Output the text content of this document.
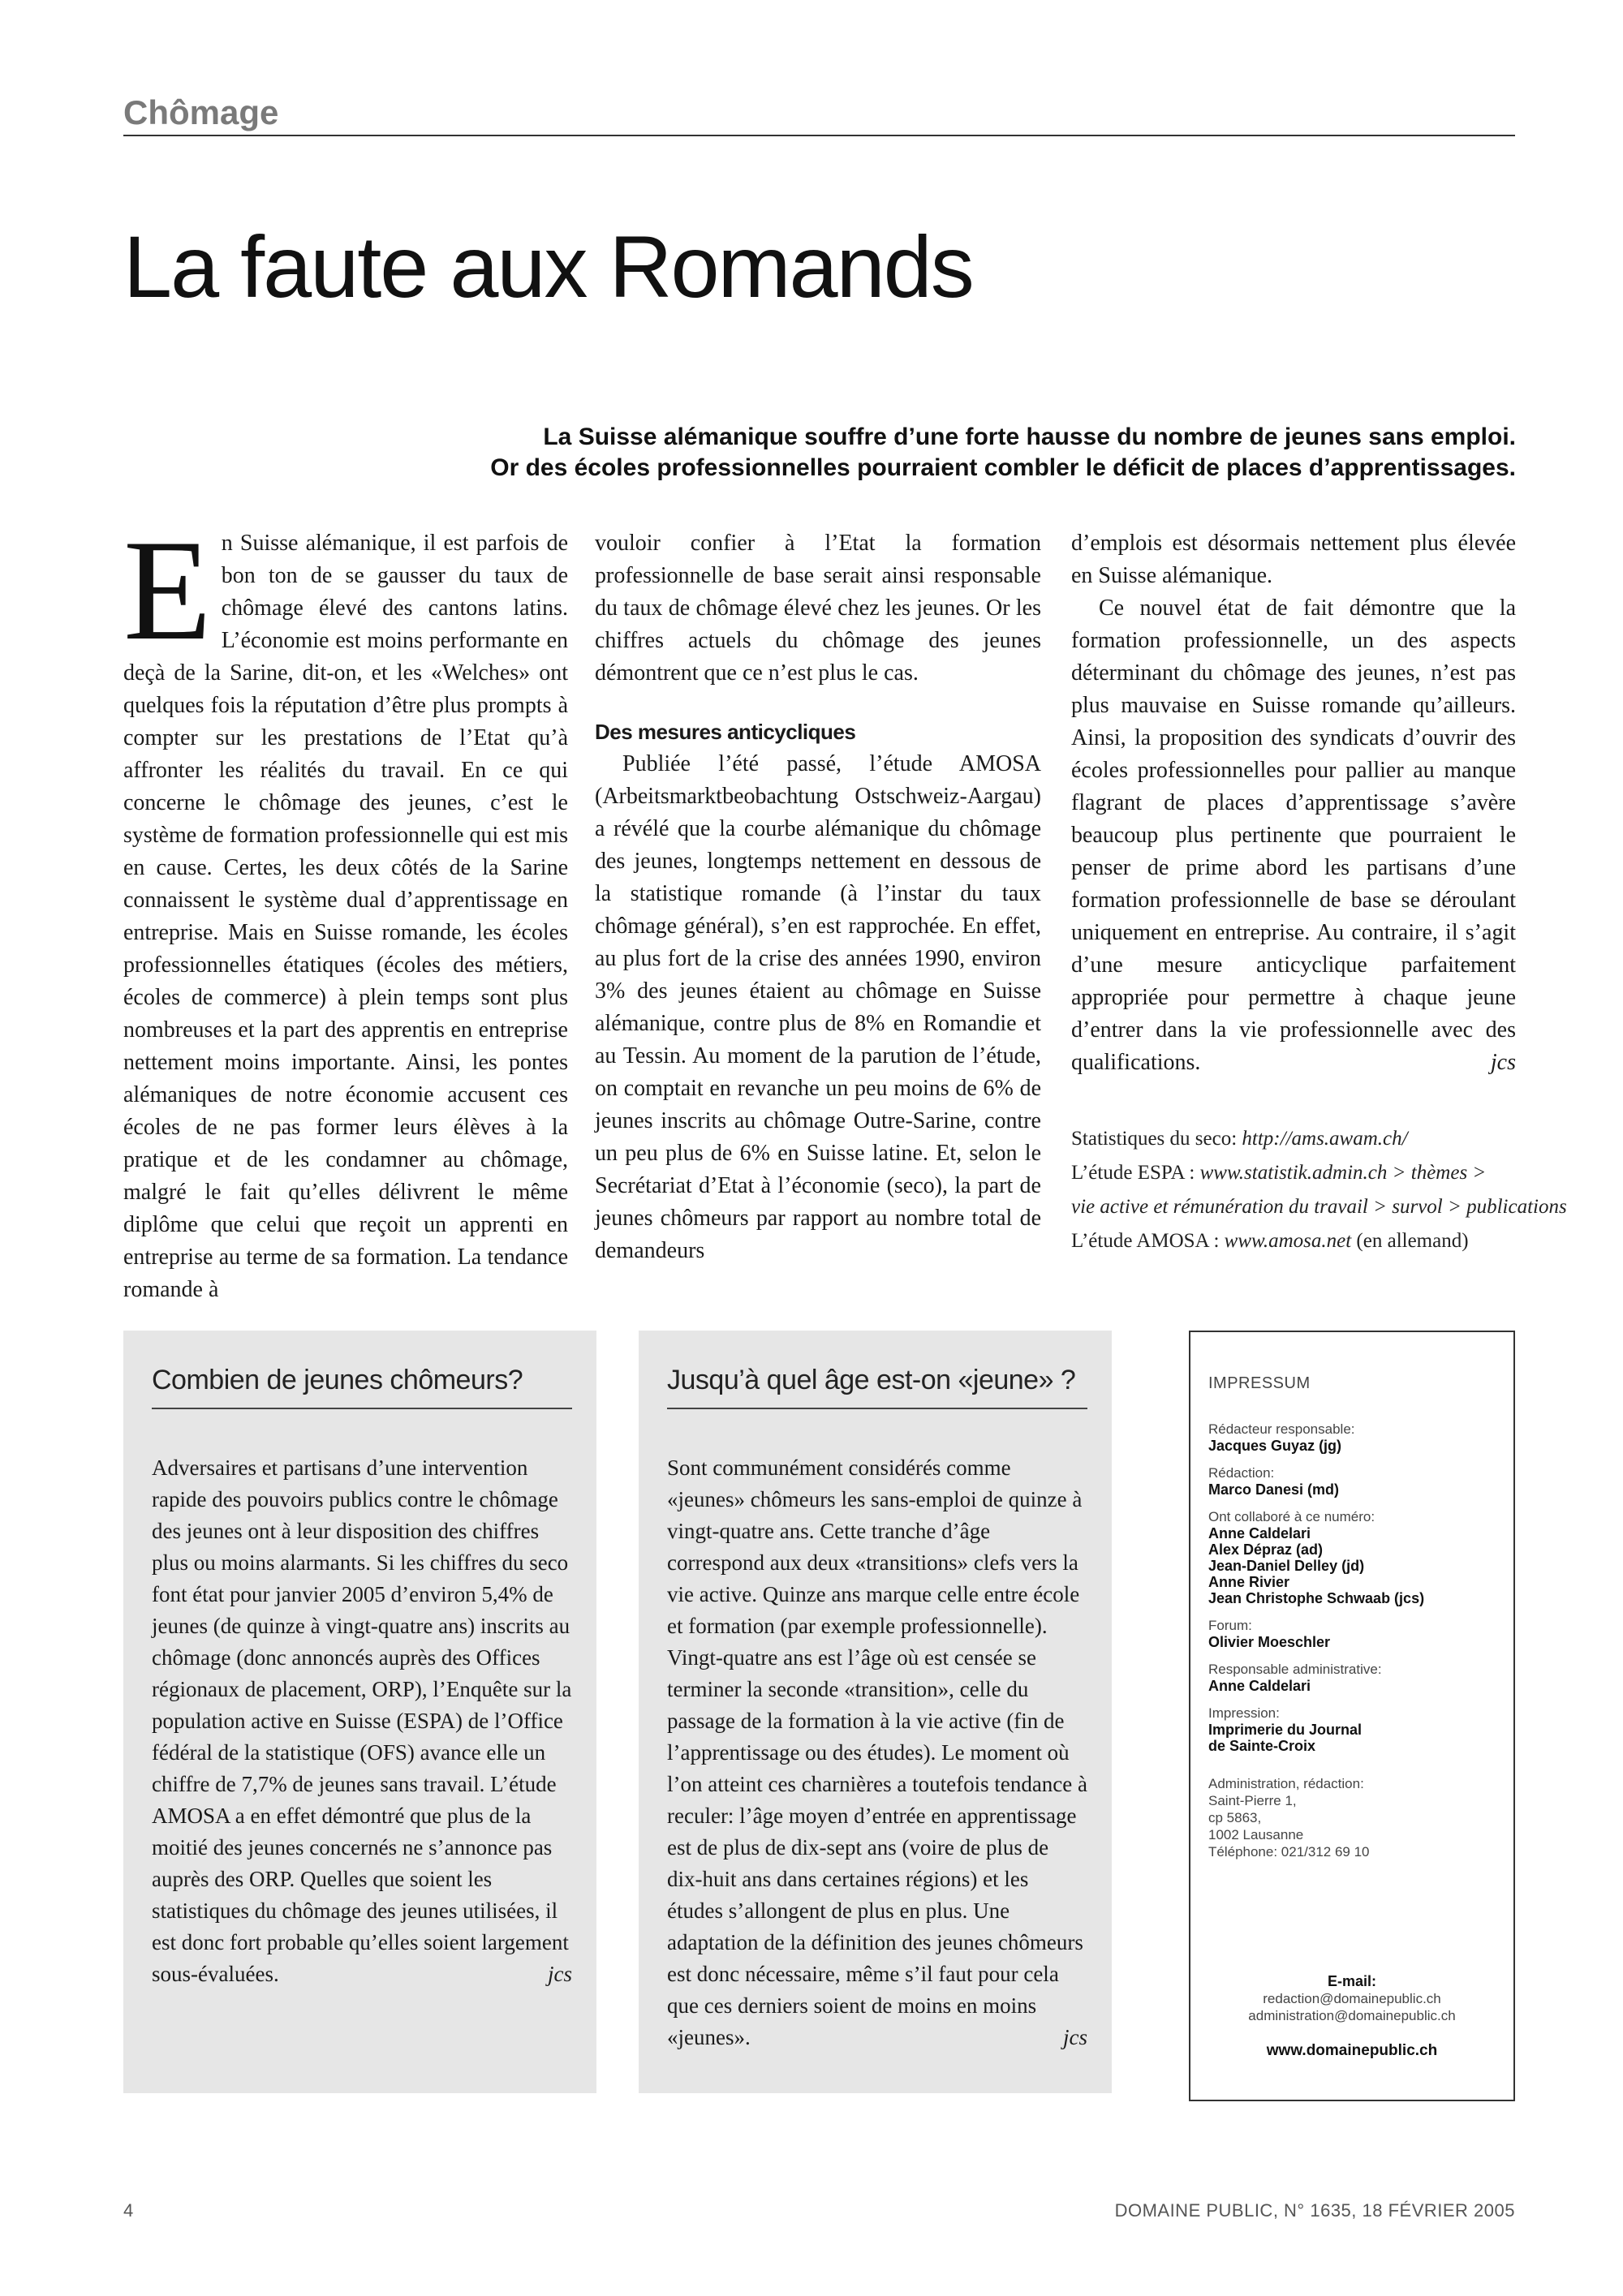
Chômage
La faute aux Romands

La Suisse alémanique souffre d’une forte hausse du nombre de jeunes sans emploi.

Or des écoles professionnelles pourraient combler le déficit de places d’apprentissages.

En Suisse alémanique, il est parfois de bon ton de se gausser du taux de chômage élevé des cantons latins. L’économie est moins performante en deçà de la Sarine, dit-on, et les «Welches» ont quelques fois la réputation d’être plus prompts à compter sur les prestations de l’Etat qu’à affronter les réalités du travail. En ce qui concerne le chômage des jeunes, c’est le système de formation professionnelle qui est mis en cause. Certes, les deux côtés de la Sarine connaissent le système dual d’apprentissage en entreprise. Mais en Suisse romande, les écoles professionnelles étatiques (écoles des métiers, écoles de commerce) à plein temps sont plus nombreuses et la part des apprentis en entreprise nettement moins importante. Ainsi, les pontes alémaniques de notre économie accusent ces écoles de ne pas former leurs élèves à la pratique et de les condamner au chômage, malgré le fait qu’elles délivrent le même diplôme que celui que reçoit un apprenti en entreprise au terme de sa formation. La tendance romande à

vouloir confier à l’Etat la formation professionnelle de base serait ainsi responsable du taux de chômage élevé chez les jeunes. Or les chiffres actuels du chômage des jeunes démontrent que ce n’est plus le cas.

Des mesures anticycliques

Publiée l’été passé, l’étude AMOSA (Arbeitsmarktbeobachtung Ostschweiz-Aargau) a révélé que la courbe alémanique du chômage des jeunes, longtemps nettement en dessous de la statistique romande (à l’instar du taux chômage général), s’en est rapprochée. En effet, au plus fort de la crise des années 1990, environ 3% des jeunes étaient au chômage en Suisse alémanique, contre plus de 8% en Romandie et au Tessin. Au moment de la parution de l’étude, on comptait en revanche un peu moins de 6% de jeunes inscrits au chômage Outre-Sarine, contre un peu plus de 6% en Suisse latine. Et, selon le Secrétariat d’Etat à l’économie (seco), la part de jeunes chômeurs par rapport au nombre total de demandeurs

d’emplois est désormais nettement plus élevée en Suisse alémanique.

Ce nouvel état de fait démontre que la formation professionnelle, un des aspects déterminant du chômage des jeunes, n’est pas plus mauvaise en Suisse romande qu’ailleurs. Ainsi, la proposition des syndicats d’ouvrir des écoles professionnelles pour pallier au manque flagrant de places d’apprentissage s’avère beaucoup plus pertinente que pourraient le penser de prime abord les partisans d’une formation professionnelle de base se déroulant uniquement en entreprise. Au contraire, il s’agit d’une mesure anticyclique parfaitement appropriée pour permettre à chaque jeune d’entrer dans la vie professionnelle avec des qualifications.	jcs

Statistiques du seco: http://ams.awam.ch/

L’étude ESPA : www.statistik.admin.ch > thèmes >

vie active et rémunération du travail > survol > publications

L’étude AMOSA : www.amosa.net (en allemand)

Combien de jeunes chômeurs?

Adversaires et partisans d’une intervention rapide des pouvoirs publics contre le chômage des jeunes ont à leur disposition des chiffres plus ou moins alarmants. Si les chiffres du seco font état pour janvier 2005 d’environ 5,4% de jeunes (de quinze à vingt-quatre ans) inscrits au chômage (donc annoncés auprès des Offices régionaux de placement, ORP), l’Enquête sur la population active en Suisse (ESPA) de l’Office fédéral de la statistique (OFS) avance elle un chiffre de 7,7% de jeunes sans travail. L’étude AMOSA a en effet démontré que plus de la moitié des jeunes concernés ne s’annonce pas auprès des ORP. Quelles que soient les statistiques du chômage des jeunes utilisées, il est donc fort probable qu’elles soient largement sous-évaluées.	jcs

Jusqu’à quel âge est-on «jeune» ?

Sont communément considérés comme «jeunes» chômeurs les sans-emploi de quinze à vingt-quatre ans. Cette tranche d’âge correspond aux deux «transitions» clefs vers la vie active. Quinze ans marque celle entre école et formation (par exemple professionnelle). Vingt-quatre ans est l’âge où est censée se terminer la seconde «transition», celle du passage de la formation à la vie active (fin de l’apprentissage ou des études). Le moment où l’on atteint ces charnières a toutefois tendance à reculer: l’âge moyen d’entrée en apprentissage est de plus de dix-sept ans (voire de plus de dix-huit ans dans certaines régions) et les études s’allongent de plus en plus. Une adaptation de la définition des jeunes chômeurs est donc nécessaire, même s’il faut pour cela que ces derniers soient de moins en moins «jeunes».	jcs

IMPRESSUM
Rédacteur responsable:
Jacques Guyaz (jg)
Rédaction:
Marco Danesi (md)
Ont collaboré à ce numéro:
Anne Caldelari
Alex Dépraz (ad)
Jean-Daniel Delley (jd)
Anne Rivier
Jean Christophe Schwaab (jcs)
Forum:
Olivier Moeschler
Responsable administrative:
Anne Caldelari
Impression:
Imprimerie du Journal
de Sainte-Croix
Administration, rédaction:
Saint-Pierre 1,
cp 5863,
1002 Lausanne
Téléphone: 021/312 69 10
E-mail:
redaction@domainepublic.ch
administration@domainepublic.ch
www.domainepublic.ch
4	DOMAINE PUBLIC, N° 1635, 18 FÉVRIER 2005
